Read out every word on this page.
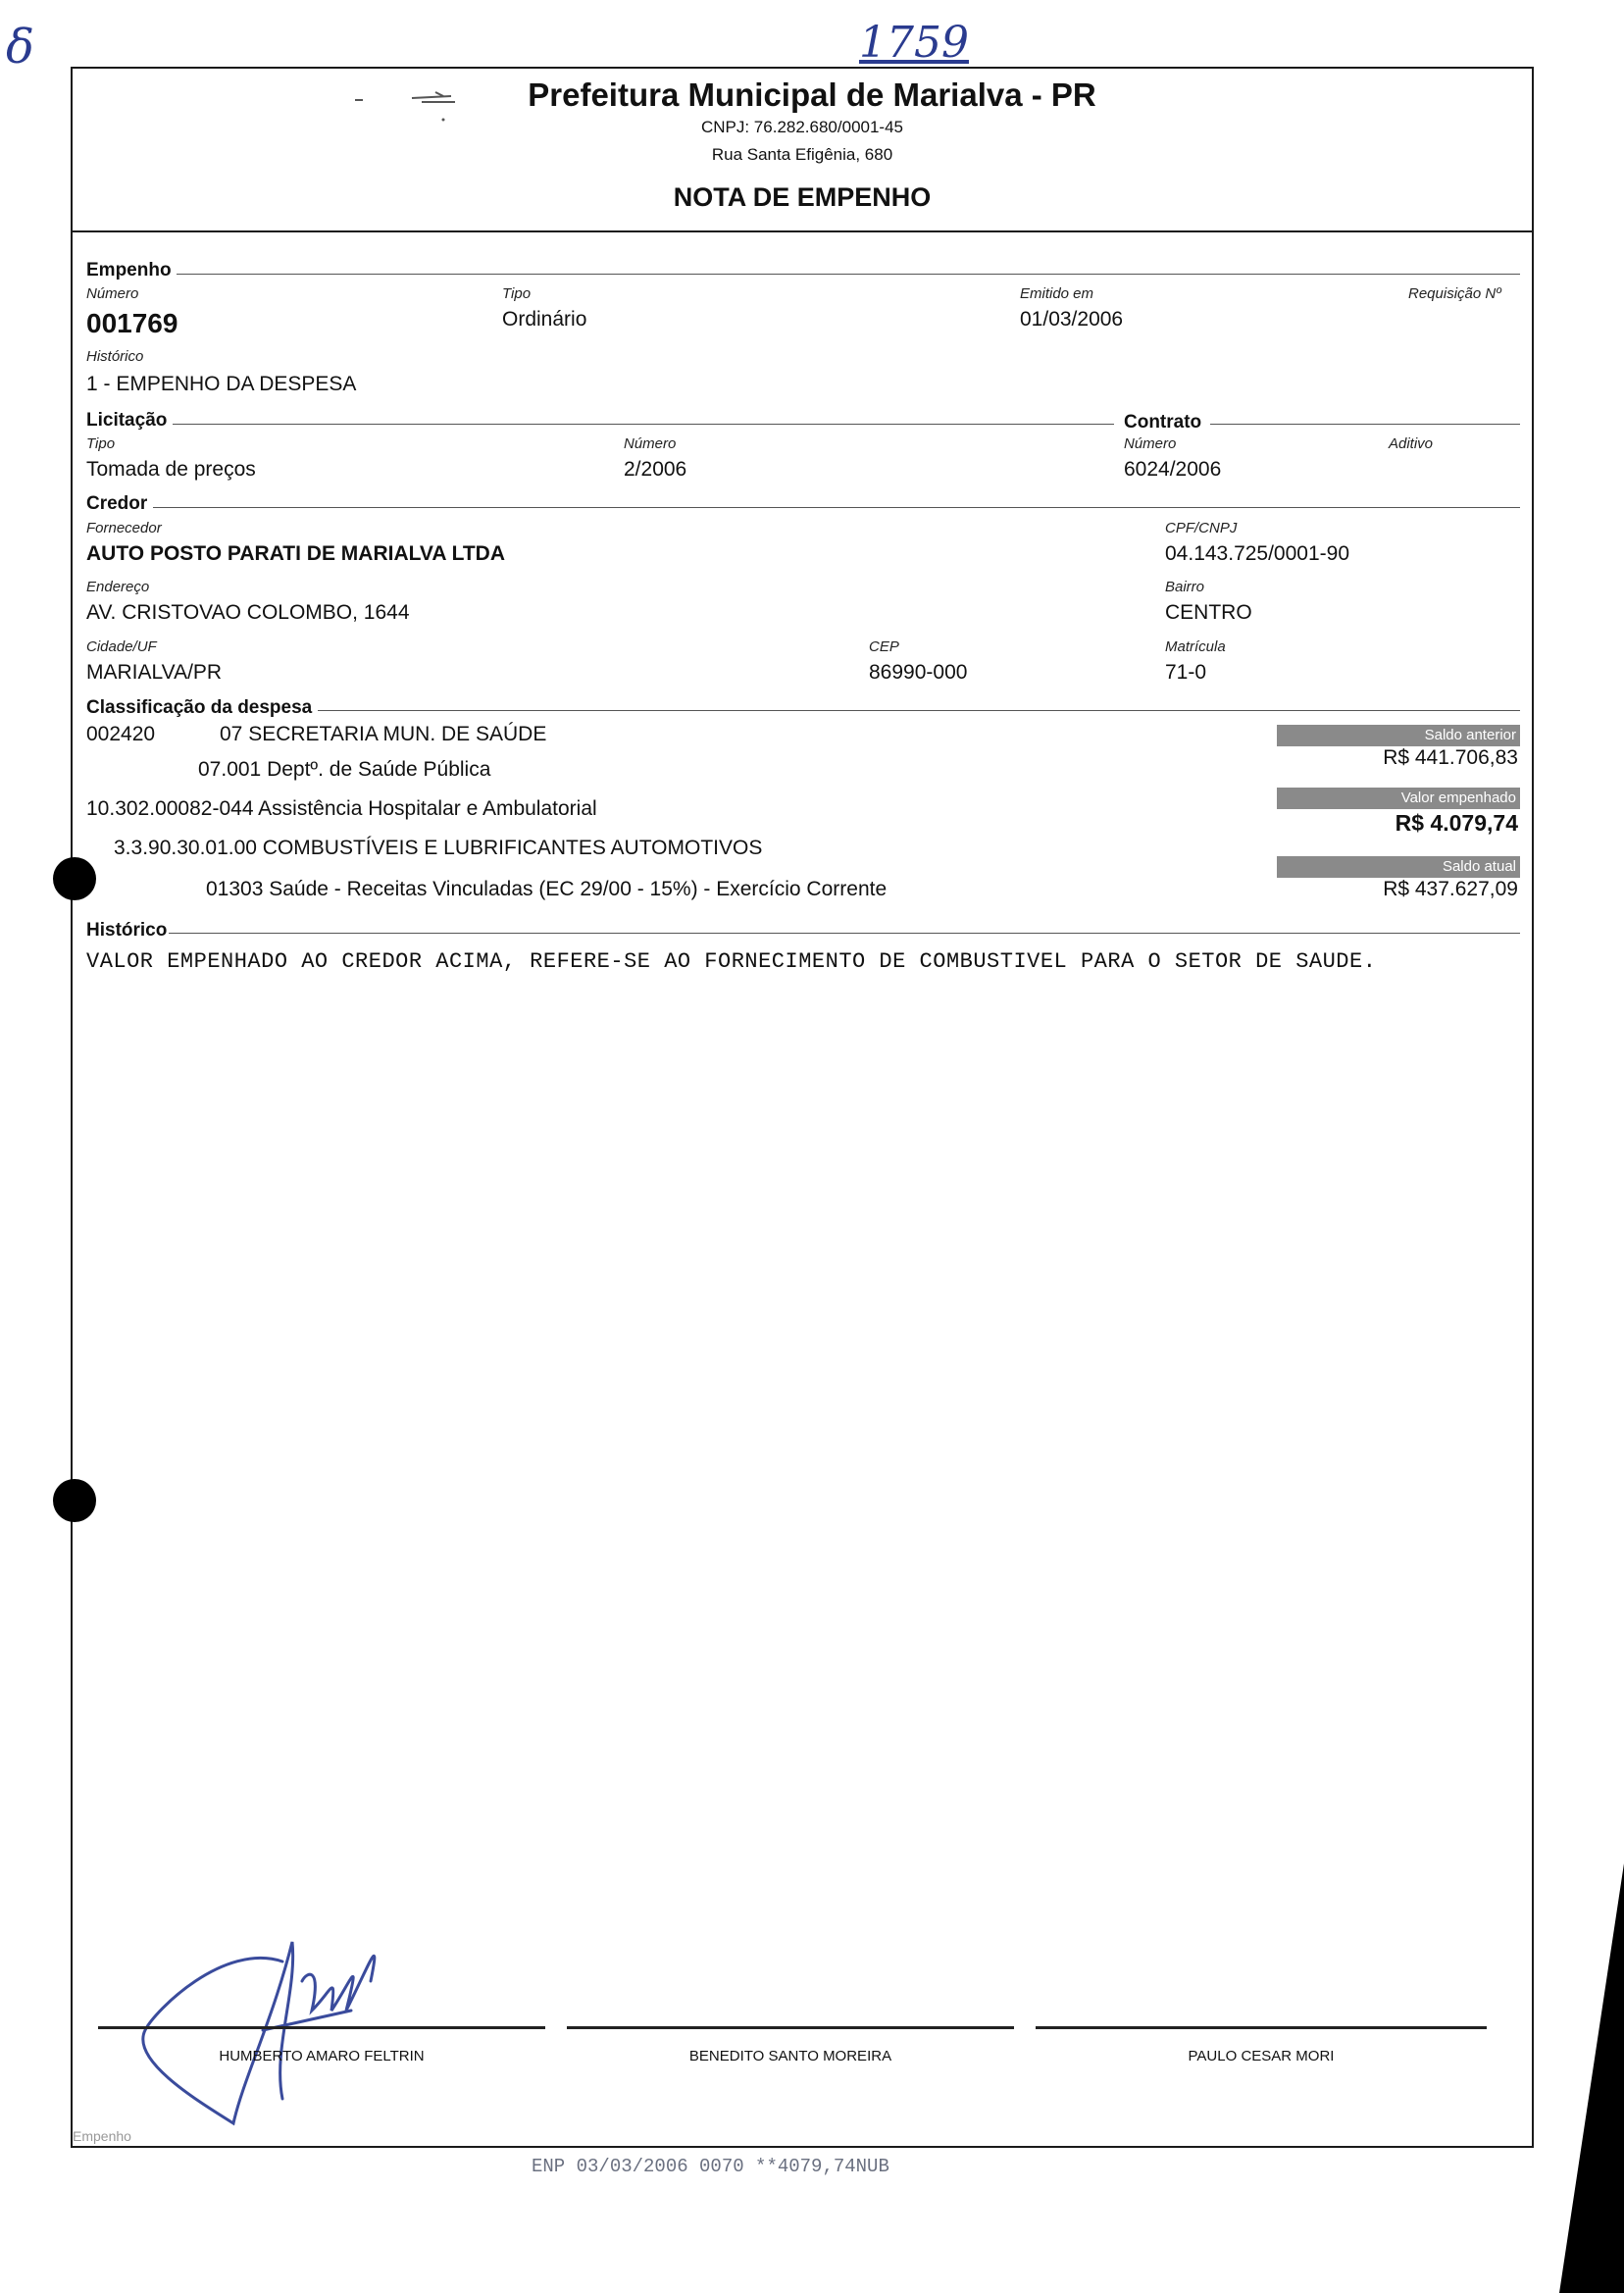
δ	1759
Prefeitura Municipal de Marialva - PR
CNPJ: 76.282.680/0001-45
Rua Santa Efigênia, 680
NOTA DE EMPENHO
Empenho
Número
001769
Tipo
Ordinário
Emitido em
01/03/2006
Requisição Nº
Histórico
1 - EMPENHO DA DESPESA
Licitação	Contrato
Tipo
Tomada de preços
Número
2/2006
Número
6024/2006
Aditivo
Credor
Fornecedor
AUTO POSTO PARATI DE MARIALVA LTDA
CPF/CNPJ
04.143.725/0001-90
Endereço
AV. CRISTOVAO COLOMBO, 1644
Bairro
CENTRO
Cidade/UF
MARIALVA/PR
CEP
86990-000
Matrícula
71-0
Classificação da despesa
002420	07 SECRETARIA MUN. DE SAÚDE
07.001 Deptº. de Saúde Pública
10.302.00082-044 Assistência Hospitalar e Ambulatorial
3.3.90.30.01.00 COMBUSTÍVEIS E LUBRIFICANTES AUTOMOTIVOS
01303 Saúde - Receitas Vinculadas (EC 29/00 - 15%) - Exercício Corrente
Saldo anterior
R$ 441.706,83
Valor empenhado
R$ 4.079,74
Saldo atual
R$ 437.627,09
Histórico
VALOR EMPENHADO AO CREDOR ACIMA, REFERE-SE AO FORNECIMENTO DE COMBUSTIVEL PARA O SETOR DE SAUDE.
HUMBERTO AMARO FELTRIN	BENEDITO SANTO MOREIRA	PAULO CESAR MORI
Empenho
ENP 03/03/2006 0070 **4079,74NUB
